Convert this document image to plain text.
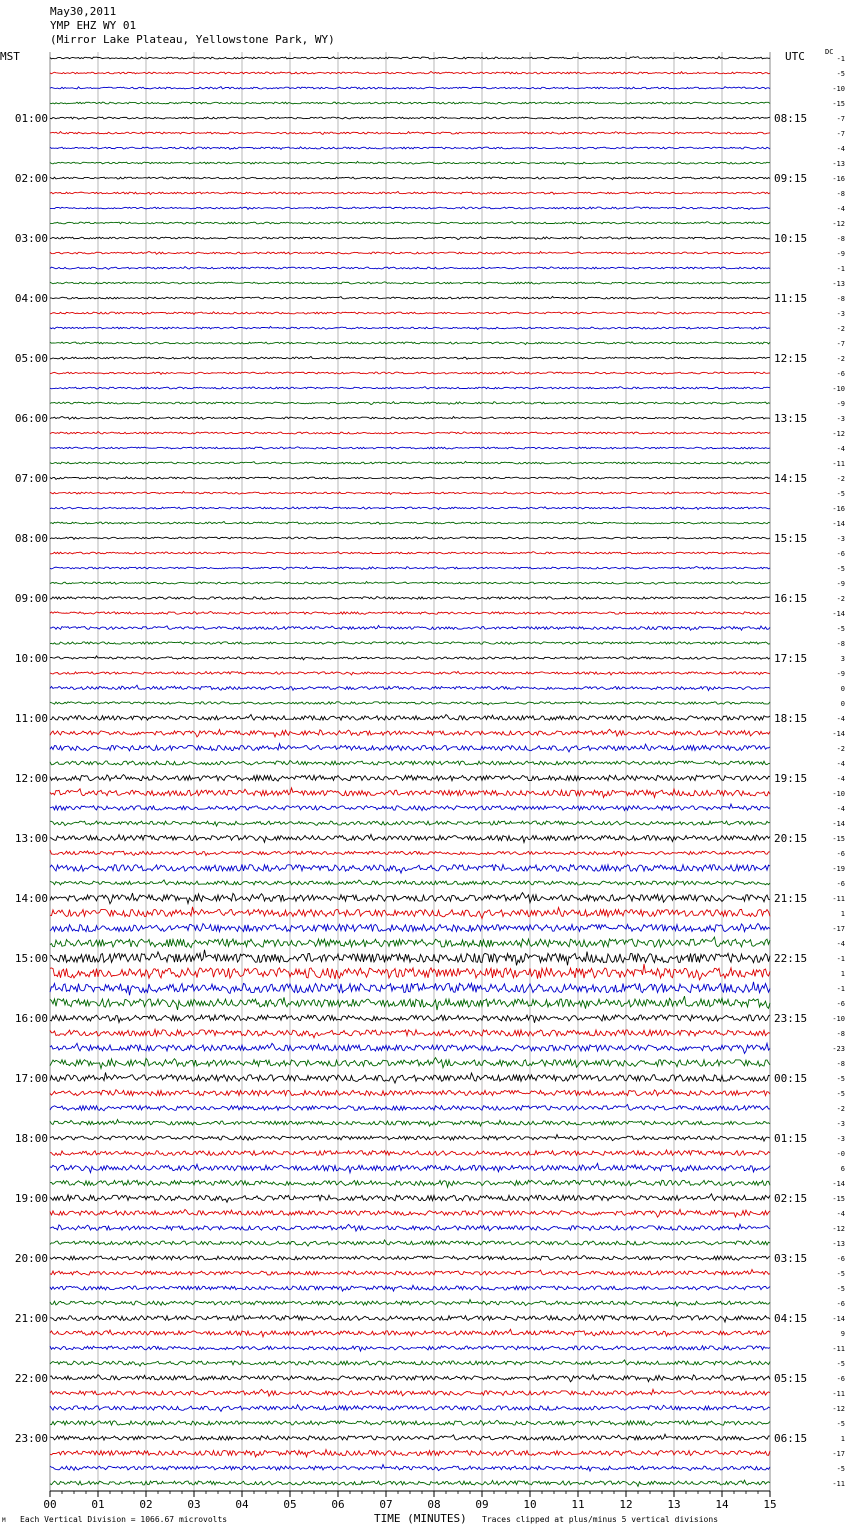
May30,2011
YMP EHZ WY 01
(Mirror Lake Plateau, Yellowstone Park, WY)
MST	UTC	DC
01:00
02:00
03:00
04:00
05:00
06:00
07:00
08:00
09:00
10:00
11:00
12:00
13:00
14:00
15:00
16:00
17:00
18:00
19:00
20:00
21:00
22:00
23:00
08:15
09:15
10:15
11:15
12:15
13:15
14:15
15:15
16:15
17:15
18:15
19:15
20:15
21:15
22:15
23:15
00:15
01:15
02:15
03:15
04:15
05:15
06:15
-1
-5
-10
-15
-7
-7
-4
-13
-16
-8
-4
-12
-8
-9
-1
-13
-8
-3
-2
-7
-2
-6
-10
-9
-3
-12
-4
-11
-2
-5
-16
-14
-3
-6
-5
-9
-2
-14
-5
-8
3
-9
0
0
-4
-14
-2
-4
-4
-10
-4
-14
-15
-6
-19
-6
-11
1
-17
-4
-1
1
-1
-6
-10
-8
-23
-8
-5
-5
-2
-3
-3
-0
6
-14
-15
-4
-12
-13
-6
-5
-5
-6
-14
9
-11
-5
-6
-11
-12
-5
1
-17
-5
-11
00	01	02	03	04	05	06	07	08	09	10	11	12	13	14	15
M Each Vertical Division = 1066.67 microvolts	TIME (MINUTES) Traces clipped at plus/minus 5 vertical divisions
